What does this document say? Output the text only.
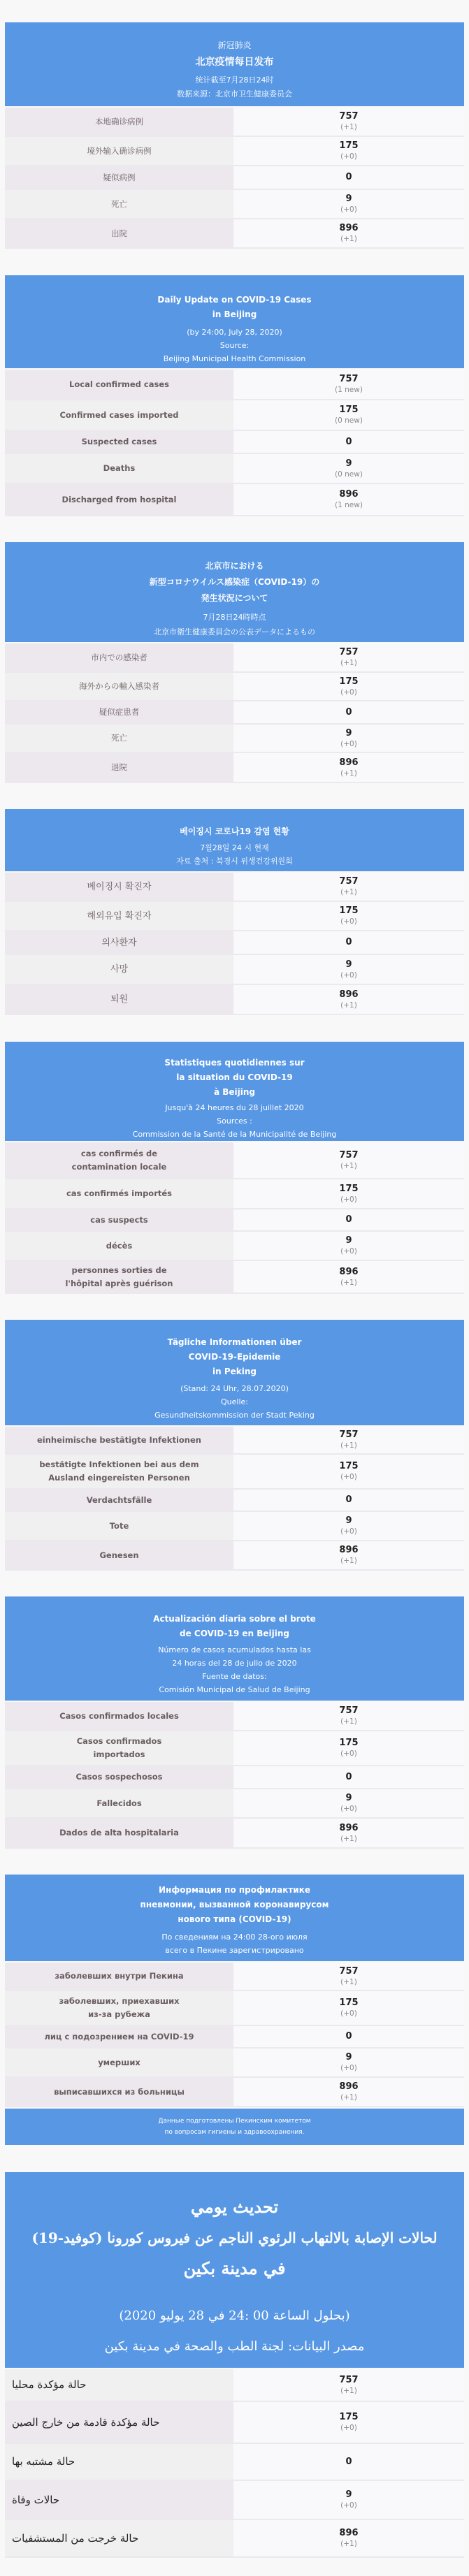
新冠肺炎
北京疫情每日发布
统计截至7月28日24时
数据来源：北京市卫生健康委员会
本地确诊病例	757
(+1)
境外输入确诊病例	175
(+0)
疑似病例	0
死亡	9
(+0)
出院	896
(+1)
Daily Update on COVID-19 Cases
in Beijing
(by 24:00, July 28, 2020)
Source:
Beijing Municipal Health Commission
Local confirmed cases	757
(1 new)
Confirmed cases imported	175
(0 new)
Suspected cases	0
Deaths	9
(0 new)
Discharged from hospital	896
(1 new)
北京市における
新型コロナウイルス感染症（COVID-19）の
発生状況について
7月28日24時時点
北京市衛生健康委員会の公表データによるもの
市内での感染者	757
(+1)
海外からの輸入感染者	175
(+0)
疑似症患者	0
死亡	9
(+0)
退院	896
(+1)
베이징시 코로나19 감염 현황
7월28일 24 시 현재
자료 출처 : 북경시 위생건강위원회
베이징시 확진자	757
(+1)
해외유입 확진자	175
(+0)
의사환자	0
사망	9
(+0)
퇴원	896
(+1)
Statistiques quotidiennes sur
la situation du COVID-19
à Beijing
Jusqu'à 24 heures du 28 juillet 2020
Sources :
Commission de la Santé de la Municipalité de Beijing
cas confirmés de
contamination locale
757
(+1)
cas confirmés importés	175
(+0)
cas suspects	0
décès	9
(+0)
personnes sorties de
l'hôpital après guérison
896
(+1)
Tägliche Informationen über
COVID-19-Epidemie
in Peking
(Stand: 24 Uhr, 28.07.2020)
Quelle:
Gesundheitskommission der Stadt Peking
einheimische bestätigte Infektionen	757
(+1)
bestätigte Infektionen bei aus dem
Ausland eingereisten Personen
175
(+0)
Verdachtsfälle	0
Tote	9
(+0)
Genesen	896
(+1)
Actualización diaria sobre el brote
de COVID-19 en Beijing
Número de casos acumulados hasta las
24 horas del 28 de julio de 2020
Fuente de datos:
Comisión Municipal de Salud de Beijing
Casos confirmados locales	757
(+1)
Casos confirmados
importados
175
(+0)
Casos sospechosos	0
Fallecidos	9
(+0)
Dados de alta hospitalaria	896
(+1)
Информация по профилактике
пневмонии, вызванной коронавирусом
нового типа (COVID-19)
По сведениям на 24:00 28-ого июля
всего в Пекине зарегистрировано
заболевших внутри Пекина	757
(+1)
заболевших, приехавших
из-за рубежа
175
(+0)
лиц с подозрением на COVID-19	0
умерших	9
(+0)
выписавшихся из больницы	896
(+1)
Данные подготовлены Пекинским комитетом
по вопросам гигиены и здравоохранения.
تحديث يومي
لحالات الإصابة بالالتهاب الرئوي الناجم عن فيروس كورونا (كوفيد-19)
في مدينة بكين
(بحلول الساعة 00 :24 في 28 يوليو 2020)
مصدر البيانات: لجنة الطب والصحة في مدينة بكين
حالة مؤكدة محليا	757
(+1)
حالة مؤكدة قادمة من خارج الصين	175
(+0)
حالة مشتبه بها	0
حالات وفاة	9
(+0)
حالة خرجت من المستشفيات	896
(+1)
